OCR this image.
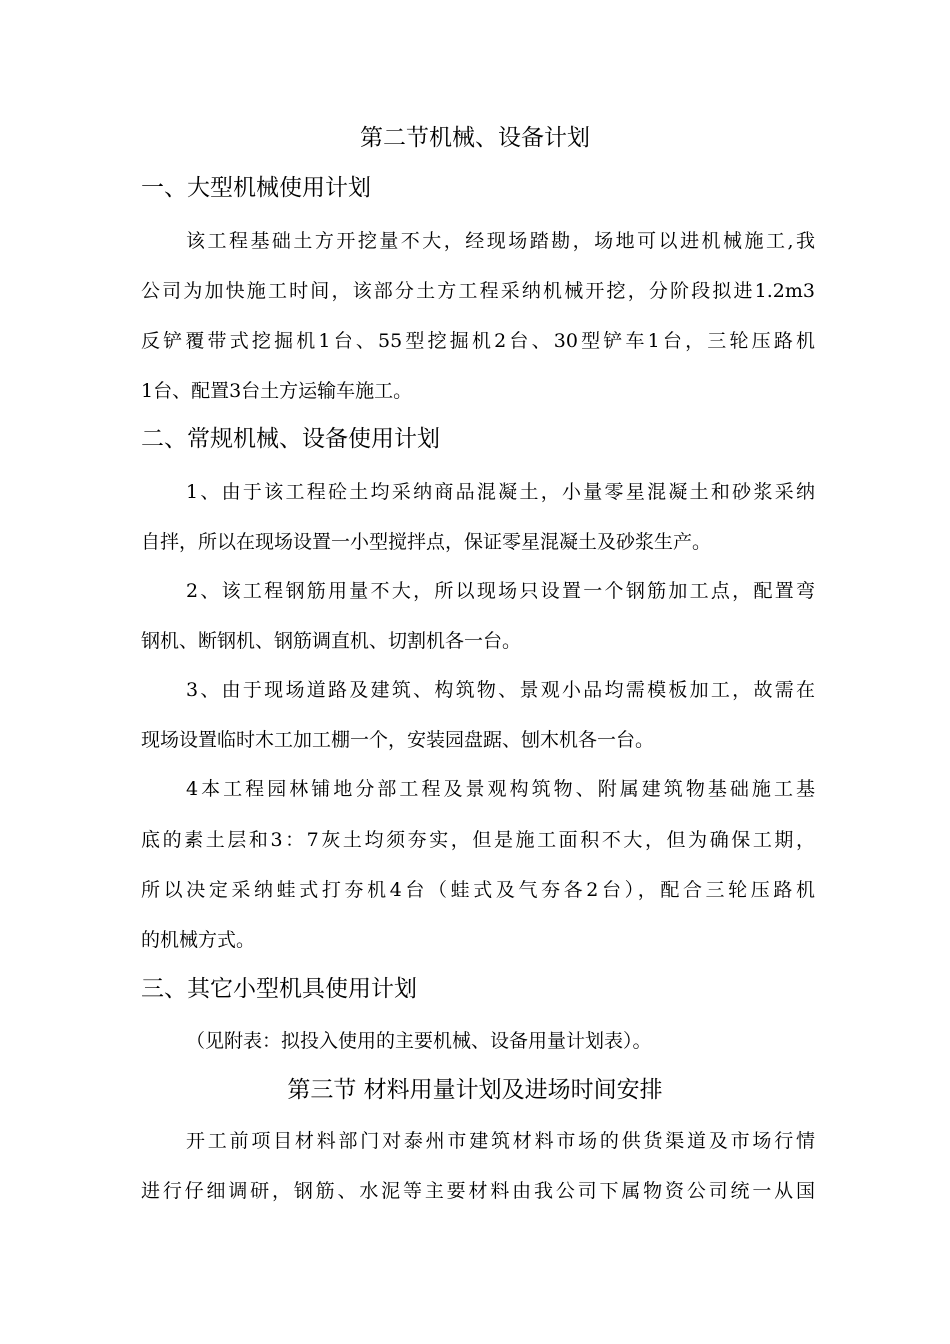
第二节机械、设备计划
一、大型机械使用计划
该工程基础土方开挖量不大，经现场踏勘，场地可以进机械施工,我
公司为加快施工时间，该部分土方工程采纳机械开挖，分阶段拟进1.2m3
反铲覆带式挖掘机1台、55型挖掘机2台、30型铲车1台，三轮压路机
1台、配置3台土方运输车施工。
二、常规机械、设备使用计划
1、由于该工程砼土均采纳商品混凝土，小量零星混凝土和砂浆采纳
自拌，所以在现场设置一小型搅拌点，保证零星混凝土及砂浆生产。
2、该工程钢筋用量不大，所以现场只设置一个钢筋加工点，配置弯
钢机、断钢机、钢筋调直机、切割机各一台。
3、由于现场道路及建筑、构筑物、景观小品均需模板加工，故需在
现场设置临时木工加工棚一个，安装园盘踞、刨木机各一台。
4本工程园林铺地分部工程及景观构筑物、附属建筑物基础施工基
底的素土层和3：7灰土均须夯实，但是施工面积不大，但为确保工期，
所以决定采纳蛙式打夯机4台（蛙式及气夯各2台），配合三轮压路机
的机械方式。
三、其它小型机具使用计划
（见附表：拟投入使用的主要机械、设备用量计划表）。
第三节 材料用量计划及进场时间安排
开工前项目材料部门对泰州市建筑材料市场的供货渠道及市场行情
进行仔细调研，钢筋、水泥等主要材料由我公司下属物资公司统一从国
